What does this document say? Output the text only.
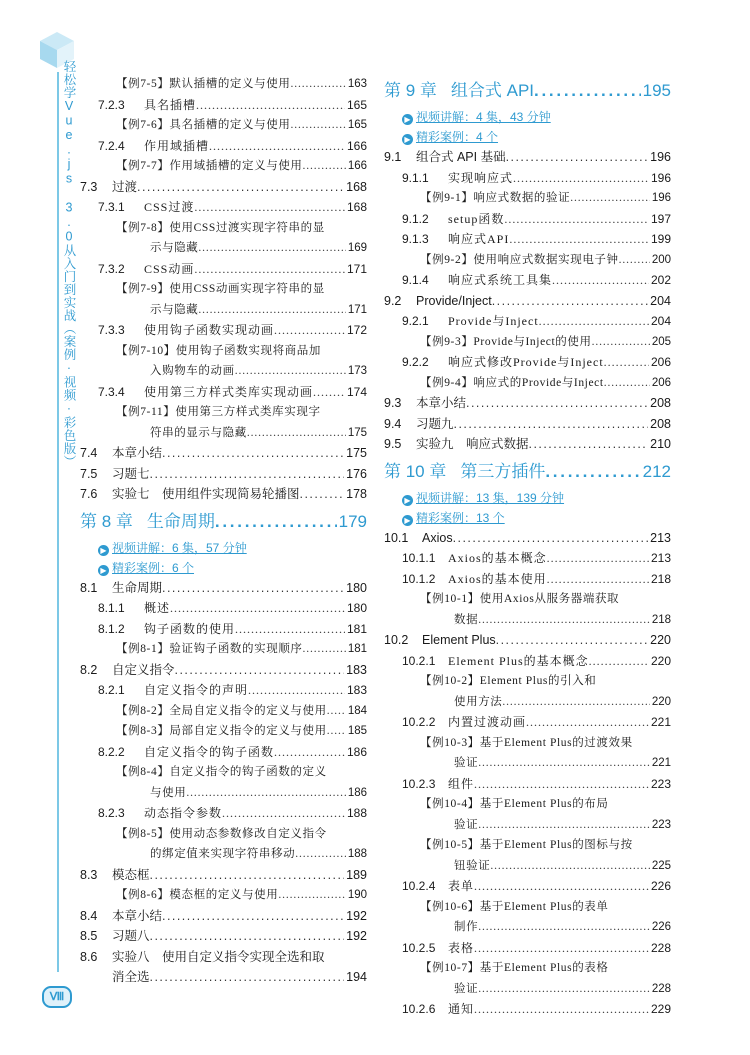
轻松学Vue.js 3.0从入门到实战（案例·视频·彩色版）
Ⅷ
【例7-5】默认插槽的定义与使用 . . .	163
7.2.3 具名插槽 . . .	165
【例7-6】具名插槽的定义与使用 . . .	165
7.2.4 作用域插槽 . . .	166
【例7-7】作用域插槽的定义与使用 . . .	166
7.3 过渡 . . .	168
7.3.1 CSS过渡 . . .	168
【例7-8】使用CSS过渡实现字符串的显
示与隐藏 . . .	169
7.3.2 CSS动画 . . .	171
【例7-9】使用CSS动画实现字符串的显
示与隐藏 . . .	171
7.3.3 使用钩子函数实现动画 . . .	172
【例7-10】使用钩子函数实现将商品加
入购物车的动画 . . .	173
7.3.4 使用第三方样式类库实现动画 . . .	174
【例7-11】使用第三方样式类库实现字
符串的显示与隐藏 . . .	175
7.4 本章小结 . . .	175
7.5 习题七 . . .	176
7.6 实验七　使用组件实现简易轮播图 . . .	178
第 8 章 生命周期 . . .	179
▶ 视频讲解：6 集，57 分钟
▶ 精彩案例：6 个
8.1 生命周期 . . .	180
8.1.1 概述 . . .	180
8.1.2 钩子函数的使用 . . .	181
【例8-1】验证钩子函数的实现顺序 . . .	181
8.2 自定义指令 . . .	183
8.2.1 自定义指令的声明 . . .	183
【例8-2】全局自定义指令的定义与使用 . . . 184
【例8-3】局部自定义指令的定义与使用 . . . 185
8.2.2 自定义指令的钩子函数 . . .	186
【例8-4】自定义指令的钩子函数的定义
与使用 . . .	186
8.2.3 动态指令参数 . . .	188
【例8-5】使用动态参数修改自定义指令
的绑定值来实现字符串移动 . . .	188
8.3 模态框 . . .	189
【例8-6】模态框的定义与使用 . . .	190
8.4 本章小结 . . .	192
8.5 习题八 . . .	192
8.6 实验八　使用自定义指令实现全选和取
消全选 . . .	194
第 9 章 组合式 API . . .	195
▶ 视频讲解：4 集，43 分钟
▶ 精彩案例：4 个
9.1 组合式 API 基础 . . .	196
9.1.1 实现响应式 . . .	196
【例9-1】响应式数据的验证 . . .	196
9.1.2 setup函数 . . .	197
9.1.3 响应式API . . .	199
【例9-2】使用响应式数据实现电子钟 . . .	200
9.1.4 响应式系统工具集 . . .	202
9.2 Provide/Inject . . .	204
9.2.1 Provide与Inject . . .	204
【例9-3】Provide与Inject的使用 . . .	205
9.2.2 响应式修改Provide与Inject . . .	206
【例9-4】响应式的Provide与Inject . . .	206
9.3 本章小结 . . .	208
9.4 习题九 . . .	208
9.5 实验九　响应式数据 . . .	210
第 10 章 第三方插件 . . .	212
▶ 视频讲解：13 集，139 分钟
▶ 精彩案例：13 个
10.1 Axios . . .	213
10.1.1 Axios的基本概念 . . .	213
10.1.2 Axios的基本使用 . . .	218
【例10-1】使用Axios从服务器端获取
数据 . . .	218
10.2 Element Plus . . .	220
10.2.1 Element Plus的基本概念 . . .	220
【例10-2】Element Plus的引入和
使用方法 . . .	220
10.2.2 内置过渡动画 . . .	221
【例10-3】基于Element Plus的过渡效果
验证 . . .	221
10.2.3 组件 . . .	223
【例10-4】基于Element Plus的布局
验证 . . .	223
【例10-5】基于Element Plus的图标与按
钮验证 . . .	225
10.2.4 表单 . . .	226
【例10-6】基于Element Plus的表单
制作 . . .	226
10.2.5 表格 . . .	228
【例10-7】基于Element Plus的表格
验证 . . .	228
10.2.6 通知 . . .	229
